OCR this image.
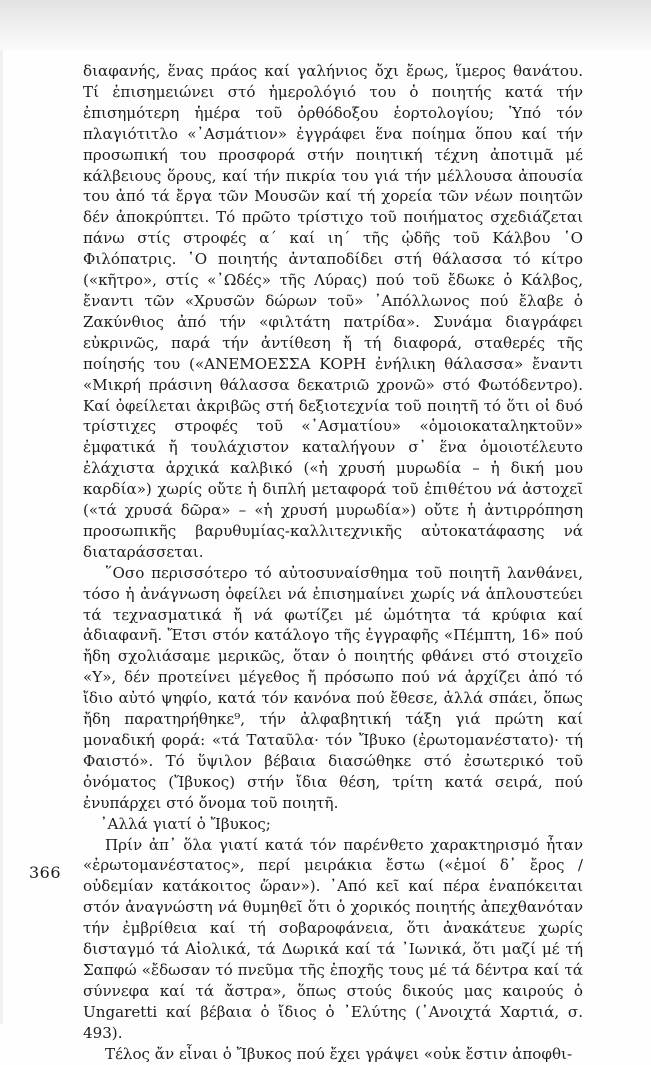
διαφανής, ἕνας πράος καί γαλήνιος ὄχι ἔρως, ἵμερος θανάτου. Τί ἐπισημειώνει στό ἡμερολόγιό του ὁ ποιητής κατά τήν ἐπισημότερη ἡμέρα τοῦ ὀρθόδοξου ἑορτολογίου; Ὑπό τόν πλαγιότιτλο «᾿Ασμάτιον» ἐγγράφει ἕνα ποίημα ὅπου καί τήν προσωπική του προσφορά στήν ποιητική τέχνη ἀποτιμᾶ μέ κάλβειους ὅρους, καί τήν πικρία του γιά τήν μέλλουσα ἀπουσία του ἀπό τά ἔργα τῶν Μουσῶν καί τή χορεία τῶν νέων ποιητῶν δέν ἀποκρύπτει. Τό πρῶτο τρίστιχο τοῦ ποιήματος σχεδιάζεται πάνω στίς στροφές α΄ καί ιη΄ τῆς ᾠδῆς τοῦ Κάλβου ῾Ο Φιλόπατρις. ῾Ο ποιητής ἀνταποδίδει στή θάλασσα τό κίτρο («κῆτρο», στίς «᾿Ωδές» τῆς Λύρας) πού τοῦ ἔδωκε ὁ Κάλβος, ἔναντι τῶν «Χρυσῶν δώρων τοῦ» ᾿Απόλλωνος πού ἔλαβε ὁ Ζακύνθιος ἀπό τήν «φιλτάτη πατρίδα». Συνάμα διαγράφει εὐκρινῶς, παρά τήν ἀντίθεση ἤ τή διαφορά, σταθερές τῆς ποίησής του («ΑΝΕΜΟΕΣΣΑ ΚΟΡΗ ἐνήλικη θάλασσα» ἔναντι «Μικρή πράσινη θάλασσα δεκατριῶ χρονῶ» στό Φωτόδεντρο). Καί ὀφείλεται ἀκριβῶς στή δεξιοτεχνία τοῦ ποιητῆ τό ὅτι οἱ δυό τρίστιχες στροφές τοῦ «᾿Ασματίου» «ὁμοιοκαταληκτοῦν» ἐμφατικά ἤ τουλάχιστον καταλήγουν σ᾿ ἕνα ὁμοιοτέλευτο ἐλάχιστα ἀρχικά καλβικό («ἡ χρυσή μυρωδία – ἡ δική μου καρδία») χωρίς οὔτε ἡ διπλή μεταφορά τοῦ ἐπιθέτου νά ἀστοχεῖ («τά χρυσά δῶρα» – «ἡ χρυσή μυρωδία») οὔτε ἡ ἀντιρρόπηση προσωπικῆς βαρυθυμίας-καλλιτεχνικῆς αὐτοκατάφασης νά διαταράσσεται.

῞Οσο περισσότερο τό αὐτοσυναίσθημα τοῦ ποιητῆ λανθάνει, τόσο ἡ ἀνάγνωση ὀφείλει νά ἐπισημαίνει χωρίς νά ἁπλουστεύει τά τεχνασματικά ἤ νά φωτίζει μέ ὠμότητα τά κρύφια καί ἀδιαφανῆ. Ἔτσι στόν κατάλογο τῆς ἐγγραφῆς «Πέμπτη, 16» πού ἤδη σχολιάσαμε μερικῶς, ὅταν ὁ ποιητής φθάνει στό στοιχεῖο «Y», δέν προτείνει μέγεθος ἤ πρόσωπο πού νά ἀρχίζει ἀπό τό ἴδιο αὐτό ψηφίο, κατά τόν κανόνα πού ἔθεσε, ἀλλά σπάει, ὅπως ἤδη παρατηρήθηκε⁹, τήν ἀλφαβητική τάξη γιά πρώτη καί μοναδική φορά: «τά Ταταῦλα· τόν Ἴβυκο (ἐρωτομανέστατο)· τή Φαιστό». Τό ὕψιλον βέβαια διασώθηκε στό ἐσωτερικό τοῦ ὀνόματος (Ἴβυκος) στήν ἴδια θέση, τρίτη κατά σειρά, πού ἐνυπάρχει στό ὄνομα τοῦ ποιητῆ.

᾿Αλλά γιατί ὁ Ἴβυκος;

Πρίν ἀπ᾿ ὅλα γιατί κατά τόν παρένθετο χαρακτηρισμό ἦταν «ἐρωτομανέστατος», περί μειράκια ἔστω («ἐμοί δ᾿ ἔρος / οὐδεμίαν κατάκοιτος ὥραν»). ᾿Από κεῖ καί πέρα ἐναπόκειται στόν ἀναγνώστη νά θυμηθεῖ ὅτι ὁ χορικός ποιητής ἀπεχθανόταν τήν ἐμβρίθεια καί τή σοβαροφάνεια, ὅτι ἀνακάτευε χωρίς δισταγμό τά Αἰολικά, τά Δωρικά καί τά ᾿Ιωνικά, ὅτι μαζί μέ τή Σαπφώ «ἔδωσαν τό πνεῦμα τῆς ἐποχῆς τους μέ τά δέντρα καί τά σύννεφα καί τά ἄστρα», ὅπως στούς δικούς μας καιρούς ὁ Ungaretti καί βέβαια ὁ ἴδιος ὁ ᾿Ελύτης (᾿Ανοιχτά Χαρτιά, σ. 493).

Τέλος ἄν εἶναι ὁ Ἴβυκος πού ἔχει γράψει «οὐκ ἔστιν ἀποφθι-

366
